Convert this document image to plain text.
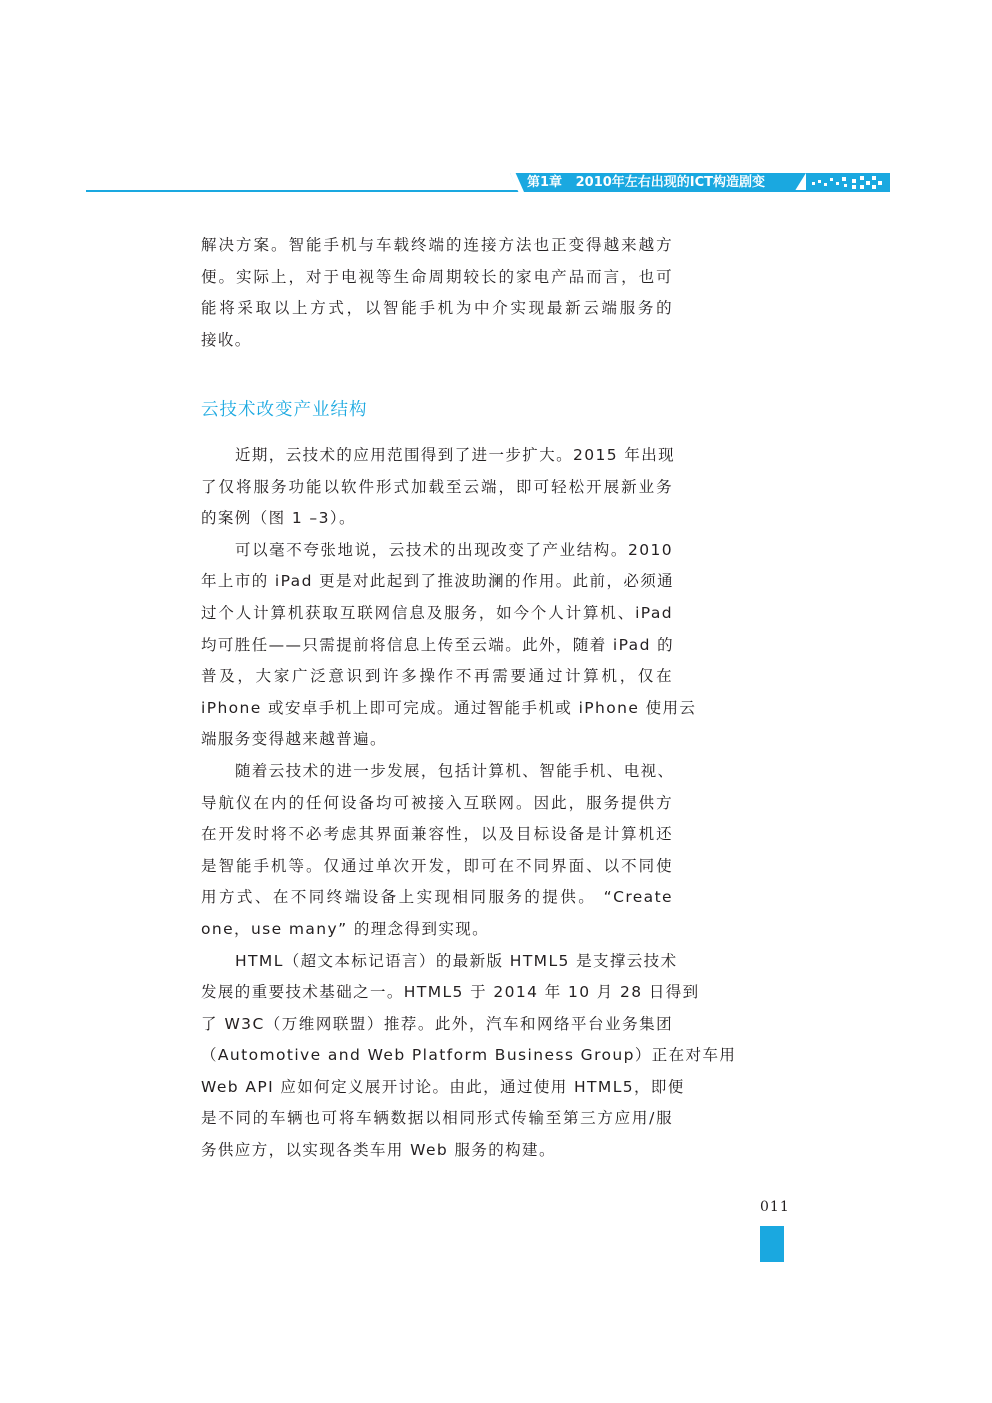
第1章   2010年左右出现的ICT构造剧变
解决方案。智能手机与车载终端的连接方法也正变得越来越方
便。实际上，对于电视等生命周期较长的家电产品而言，也可
能将采取以上方式，以智能手机为中介实现最新云端服务的
接收。
云技术改变产业结构
近期，云技术的应用范围得到了进一步扩大。2015 年出现
了仅将服务功能以软件形式加载至云端，即可轻松开展新业务
的案例（图 1 –3）。
可以毫不夸张地说，云技术的出现改变了产业结构。2010
年上市的 iPad 更是对此起到了推波助澜的作用。此前，必须通
过个人计算机获取互联网信息及服务，如今个人计算机、iPad
均可胜任——只需提前将信息上传至云端。此外，随着 iPad 的
普及，大家广泛意识到许多操作不再需要通过计算机，仅在
iPhone 或安卓手机上即可完成。通过智能手机或 iPhone 使用云
端服务变得越来越普遍。
随着云技术的进一步发展，包括计算机、智能手机、电视、
导航仪在内的任何设备均可被接入互联网。因此，服务提供方
在开发时将不必考虑其界面兼容性，以及目标设备是计算机还
是智能手机等。仅通过单次开发，即可在不同界面、以不同使
用方式、在不同终端设备上实现相同服务的提供。 “Create
one，use many” 的理念得到实现。
HTML（超文本标记语言）的最新版 HTML5 是支撑云技术
发展的重要技术基础之一。HTML5 于 2014 年 10 月 28 日得到
了 W3C（万维网联盟）推荐。此外，汽车和网络平台业务集团
（Automotive and Web Platform Business Group）正在对车用
Web API 应如何定义展开讨论。由此，通过使用 HTML5，即便
是不同的车辆也可将车辆数据以相同形式传输至第三方应用/服
务供应方，以实现各类车用 Web 服务的构建。
011
